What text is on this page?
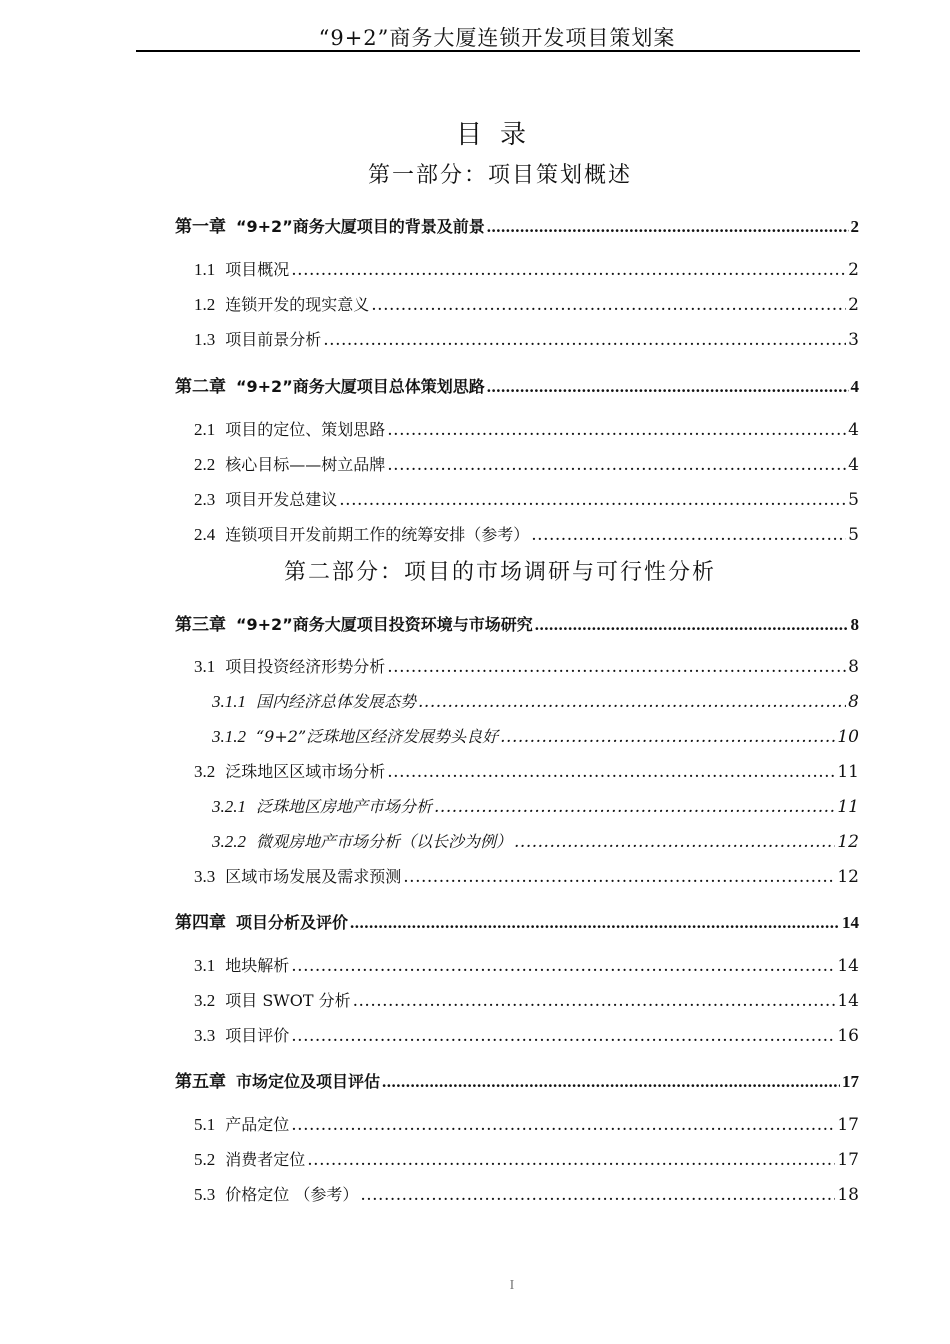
“9+2”商务大厦连锁开发项目策划案
目录
第一部分：项目策划概述
第一章 “9+2”商务大厦项目的背景及前景 .....	2
1.1 项目概况 .....	2
1.2 连锁开发的现实意义 .....	2
1.3 项目前景分析 .....	3
第二章 “9+2”商务大厦项目总体策划思路 .....	4
2.1 项目的定位、策划思路 .....	4
2.2 核心目标——树立品牌 .....	4
2.3 项目开发总建议 .....	5
2.4 连锁项目开发前期工作的统筹安排（参考） .....	5
第二部分：项目的市场调研与可行性分析
第三章 “9+2”商务大厦项目投资环境与市场研究 .....	8
3.1 项目投资经济形势分析 .....	8
3.1.1 国内经济总体发展态势 .....	8
3.1.2 “9+2”泛珠地区经济发展势头良好 .....	10
3.2 泛珠地区区域市场分析 .....	11
3.2.1 泛珠地区房地产市场分析 .....	11
3.2.2 微观房地产市场分析（以长沙为例） .....	12
3.3 区域市场发展及需求预测 .....	12
第四章 项目分析及评价 .....	14
3.1 地块解析 .....	14
3.2 项目 SWOT 分析 .....	14
3.3 项目评价 .....	16
第五章 市场定位及项目评估 .....	17
5.1 产品定位 .....	17
5.2 消费者定位 .....	17
5.3 价格定位 （参考） .....	18
I
